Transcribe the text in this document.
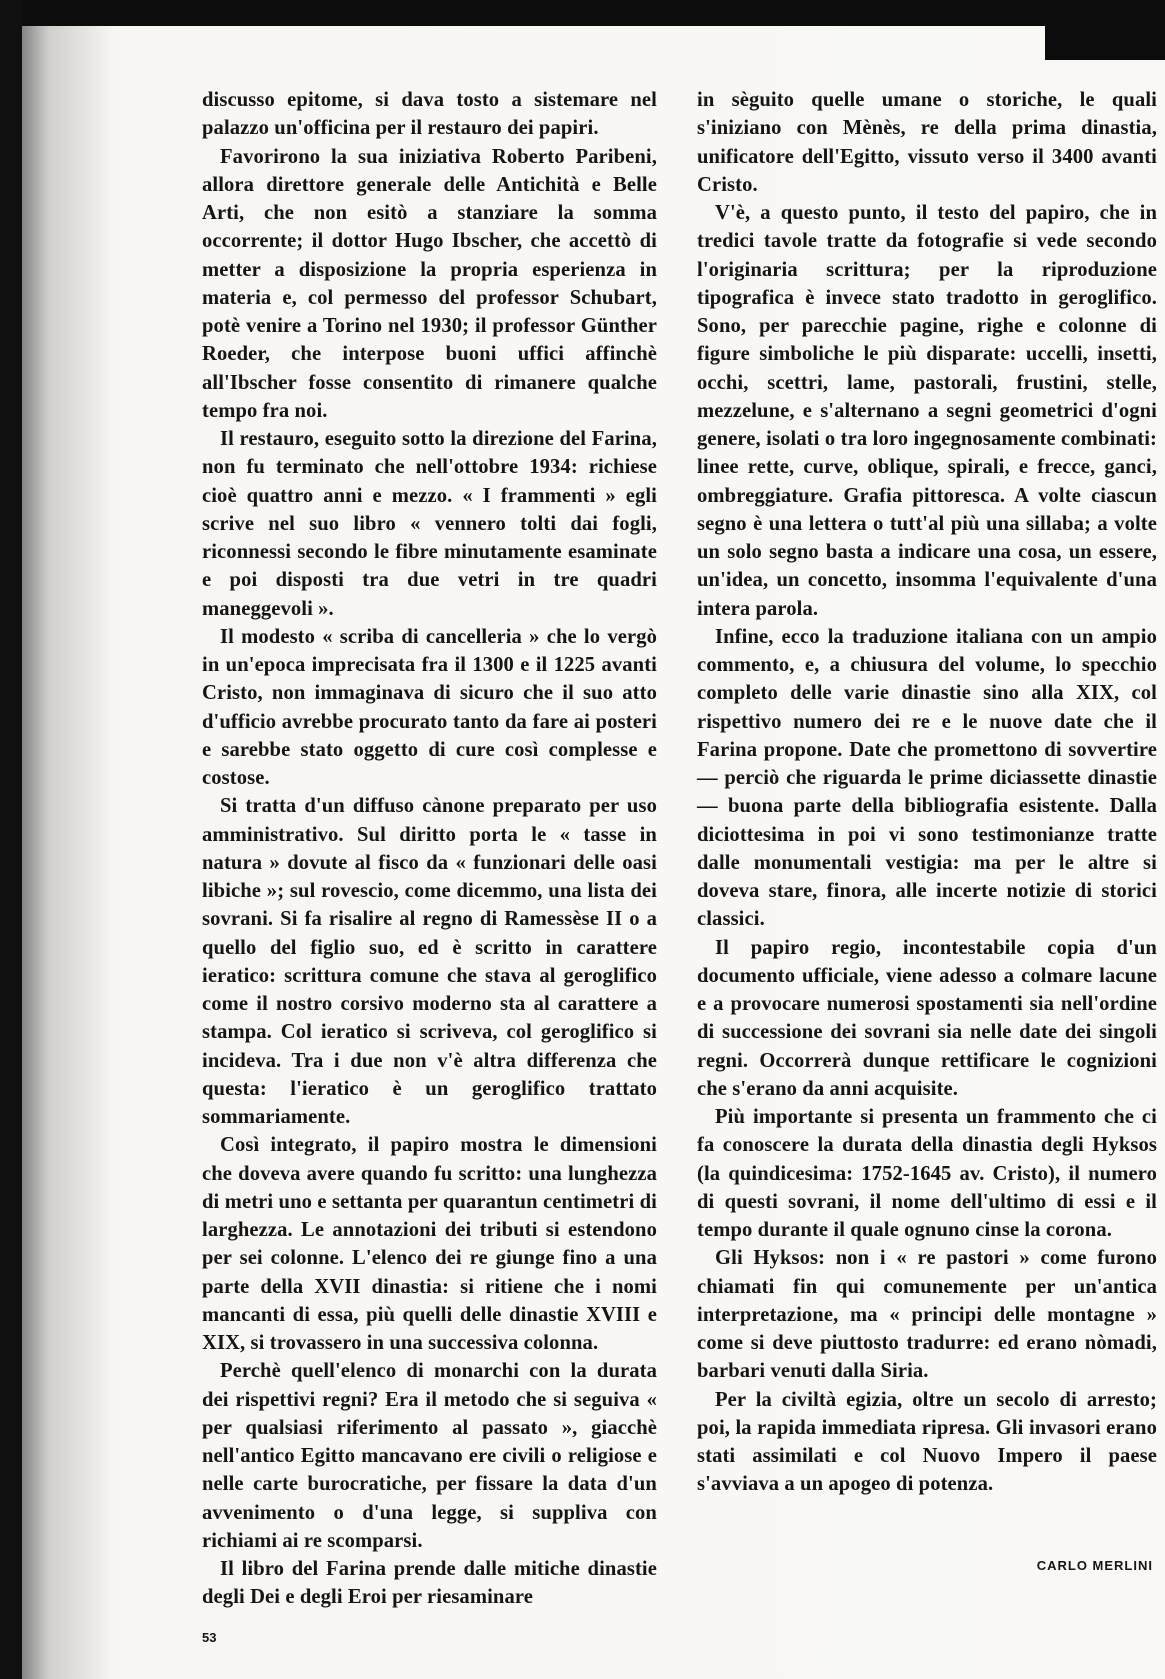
discusso epitome, si dava tosto a sistemare nel palazzo un'officina per il restauro dei papiri.

Favorirono la sua iniziativa Roberto Paribeni, allora direttore generale delle Antichità e Belle Arti, che non esitò a stanziare la somma occorrente; il dottor Hugo Ibscher, che accettò di metter a disposizione la propria esperienza in materia e, col permesso del professor Schubart, potè venire a Torino nel 1930; il professor Günther Roeder, che interpose buoni uffici affinchè all'Ibscher fosse consentito di rimanere qualche tempo fra noi.

Il restauro, eseguito sotto la direzione del Farina, non fu terminato che nell'ottobre 1934: richiese cioè quattro anni e mezzo. « I frammenti » egli scrive nel suo libro « vennero tolti dai fogli, riconnessi secondo le fibre minutamente esaminate e poi disposti tra due vetri in tre quadri maneggevoli ».

Il modesto « scriba di cancelleria » che lo vergò in un'epoca imprecisata fra il 1300 e il 1225 avanti Cristo, non immaginava di sicuro che il suo atto d'ufficio avrebbe procurato tanto da fare ai posteri e sarebbe stato oggetto di cure così complesse e costose.

Si tratta d'un diffuso cànone preparato per uso amministrativo. Sul diritto porta le « tasse in natura » dovute al fisco da « funzionari delle oasi libiche »; sul rovescio, come dicemmo, una lista dei sovrani. Si fa risalire al regno di Ramessèse II o a quello del figlio suo, ed è scritto in carattere ieratico: scrittura comune che stava al geroglifico come il nostro corsivo moderno sta al carattere a stampa. Col ieratico si scriveva, col geroglifico si incideva. Tra i due non v'è altra differenza che questa: l'ieratico è un geroglifico trattato sommariamente.

Così integrato, il papiro mostra le dimensioni che doveva avere quando fu scritto: una lunghezza di metri uno e settanta per quarantun centimetri di larghezza. Le annotazioni dei tributi si estendono per sei colonne. L'elenco dei re giunge fino a una parte della XVII dinastia: si ritiene che i nomi mancanti di essa, più quelli delle dinastie XVIII e XIX, si trovassero in una successiva colonna.

Perchè quell'elenco di monarchi con la durata dei rispettivi regni? Era il metodo che si seguiva « per qualsiasi riferimento al passato », giacchè nell'antico Egitto mancavano ere civili o religiose e nelle carte burocratiche, per fissare la data d'un avvenimento o d'una legge, si suppliva con richiami ai re scomparsi.

Il libro del Farina prende dalle mitiche dinastie degli Dei e degli Eroi per riesaminare

in sèguito quelle umane o storiche, le quali s'iniziano con Mènès, re della prima dinastia, unificatore dell'Egitto, vissuto verso il 3400 avanti Cristo.

V'è, a questo punto, il testo del papiro, che in tredici tavole tratte da fotografie si vede secondo l'originaria scrittura; per la riproduzione tipografica è invece stato tradotto in geroglifico. Sono, per parecchie pagine, righe e colonne di figure simboliche le più disparate: uccelli, insetti, occhi, scettri, lame, pastorali, frustini, stelle, mezzelune, e s'alternano a segni geometrici d'ogni genere, isolati o tra loro ingegnosamente combinati: linee rette, curve, oblique, spirali, e frecce, ganci, ombreggiature. Grafia pittoresca. A volte ciascun segno è una lettera o tutt'al più una sillaba; a volte un solo segno basta a indicare una cosa, un essere, un'idea, un concetto, insomma l'equivalente d'una intera parola.

Infine, ecco la traduzione italiana con un ampio commento, e, a chiusura del volume, lo specchio completo delle varie dinastie sino alla XIX, col rispettivo numero dei re e le nuove date che il Farina propone. Date che promettono di sovvertire — perciò che riguarda le prime diciassette dinastie — buona parte della bibliografia esistente. Dalla diciottesima in poi vi sono testimonianze tratte dalle monumentali vestigia: ma per le altre si doveva stare, finora, alle incerte notizie di storici classici.

Il papiro regio, incontestabile copia d'un documento ufficiale, viene adesso a colmare lacune e a provocare numerosi spostamenti sia nell'ordine di successione dei sovrani sia nelle date dei singoli regni. Occorrerà dunque rettificare le cognizioni che s'erano da anni acquisite.

Più importante si presenta un frammento che ci fa conoscere la durata della dinastia degli Hyksos (la quindicesima: 1752-1645 av. Cristo), il numero di questi sovrani, il nome dell'ultimo di essi e il tempo durante il quale ognuno cinse la corona.

Gli Hyksos: non i « re pastori » come furono chiamati fin qui comunemente per un'antica interpretazione, ma « principi delle montagne » come si deve piuttosto tradurre: ed erano nòmadi, barbari venuti dalla Siria.

Per la civiltà egizia, oltre un secolo di arresto; poi, la rapida immediata ripresa. Gli invasori erano stati assimilati e col Nuovo Impero il paese s'avviava a un apogeo di potenza.

CARLO MERLINI
53
